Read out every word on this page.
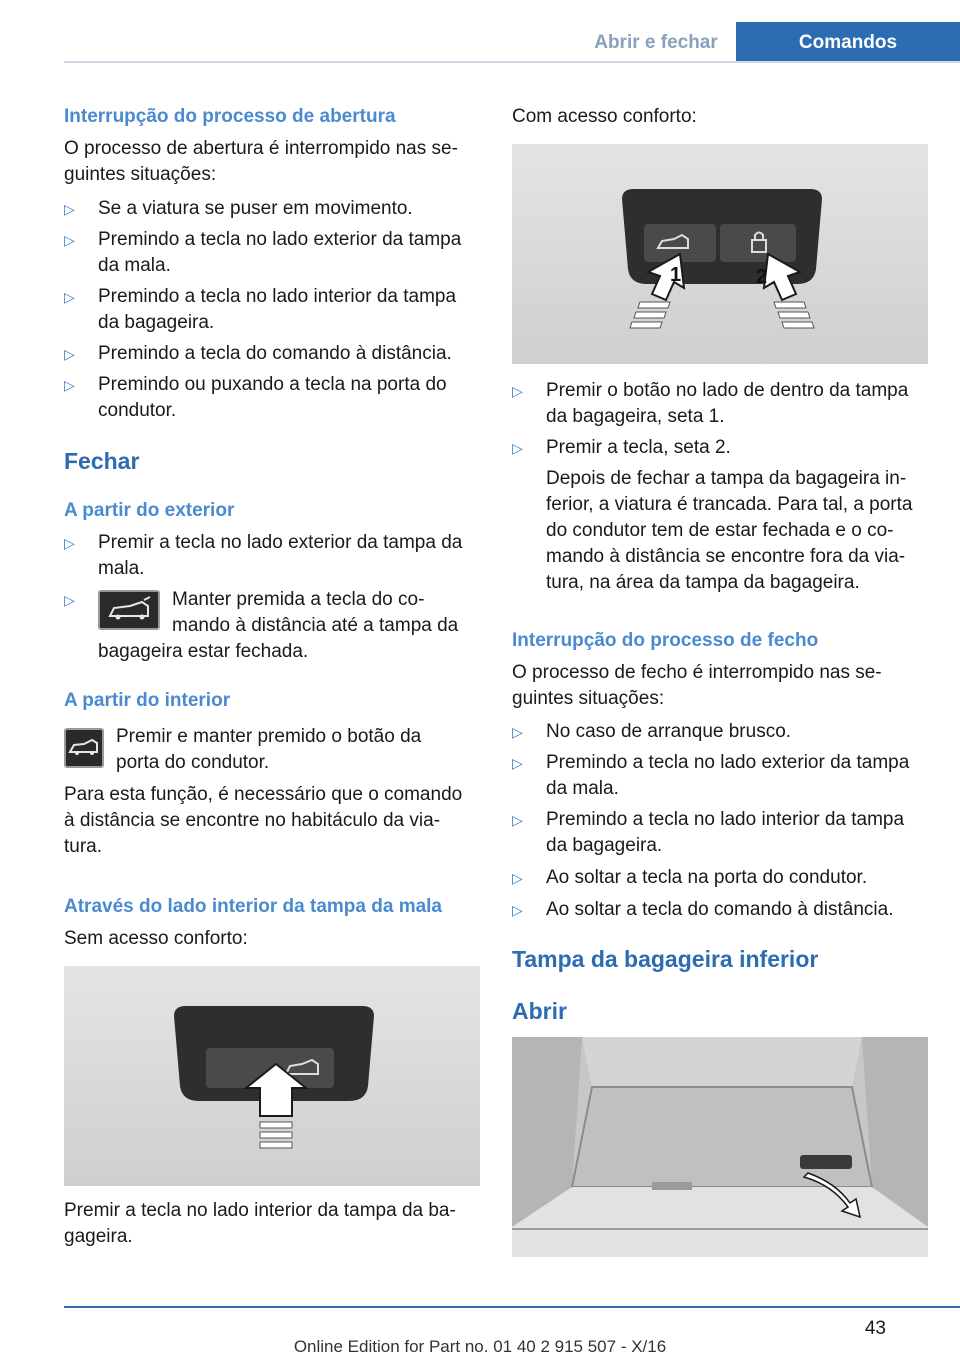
Abrir e fechar	Comandos
Interrupção do processo de abertura
O processo de abertura é interrompido nas se-
guintes situações:
▷ Se a viatura se puser em movimento.
▷ Premindo a tecla no lado exterior da tampa
da mala.
▷ Premindo a tecla no lado interior da tampa
da bagageira.
▷ Premindo a tecla do comando à distância.
▷ Premindo ou puxando a tecla na porta do
condutor.
Fechar
A partir do exterior
▷ Premir a tecla no lado exterior da tampa da
mala.
▷	Manter premida a tecla do co-
mando à distância até a tampa da
bagageira estar fechada.
A partir do interior
Premir e manter premido o botão da
porta do condutor.
Para esta função, é necessário que o comando
à distância se encontre no habitáculo da via-
tura.
Através do lado interior da tampa da mala
Sem acesso conforto:
Premir a tecla no lado interior da tampa da ba-
gageira.
Com acesso conforto:
1	2
▷ Premir o botão no lado de dentro da tampa
da bagageira, seta 1.
▷ Premir a tecla, seta 2.
Depois de fechar a tampa da bagageira in-
ferior, a viatura é trancada. Para tal, a porta
do condutor tem de estar fechada e o co-
mando à distância se encontre fora da via-
tura, na área da tampa da bagageira.
Interrupção do processo de fecho
O processo de fecho é interrompido nas se-
guintes situações:
▷ No caso de arranque brusco.
▷ Premindo a tecla no lado exterior da tampa
da mala.
▷ Premindo a tecla no lado interior da tampa
da bagageira.
▷ Ao soltar a tecla na porta do condutor.
▷ Ao soltar a tecla do comando à distância.
Tampa da bagageira inferior
Abrir
43
Online Edition for Part no. 01 40 2 915 507 - X/16
